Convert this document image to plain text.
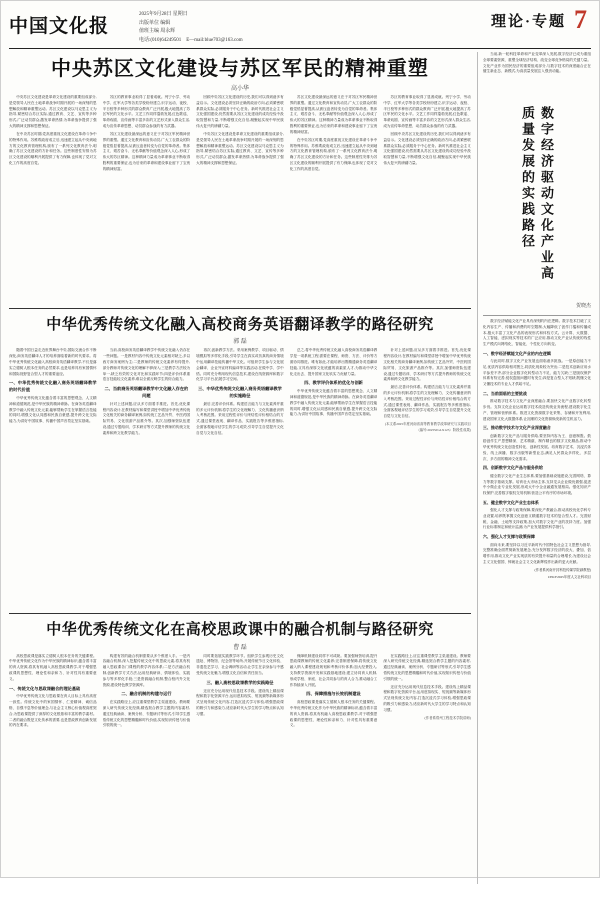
中国文化报
2025年9月28日 星期日
出版单位 编辑
值班主编 周永辉
电话:(010)64249501 E—mail:blue703@163.com
理论·专题 7
中央苏区文化建设与苏区军民的精神重塑
高小华

中央苏区文化建设是革命文化建设的重要组成部分,是党领导人民在土地革命战争时期开展的一场深刻的思想解放和精神重塑运动。苏区文化建设以马克思主义为指导,紧密结合苏区实际,通过教育、文艺、宣传等多种形式,广泛动员群众,激发革命热情,为革命战争提供了强大的精神支撑和思想保证。

在中央苏区时期,党高度重视文化建设在革命斗争中的特殊作用。苏维埃政府成立后,迅速建立起从中央到地方的文化教育管理机构,颁布了一系列文化教育法令,明确了苏区文化建设的方针和任务。这些制度性安排为苏区文化建设的顺利开展提供了有力保障,也体现了党对文化工作的高度自觉。

苏区的教育事业取得了显著成就。列宁小学、劳动中学、红军大学等各类学校纷纷建立,识字运动、夜校、半日校等多种形式的群众教育广泛开展,极大地提高了苏区军民的文化水平。文艺工作同样蓬勃发展,红色歌谣、革命戏剧、宣传画等丰富多彩的文艺形式深入群众生活,成为宣传革命思想、动员群众参战的有力武器。

苏区文化建设最深远的意义在于对苏区军民精神世界的重塑。通过文化教育和宣传动员,广大工农群众的阶级觉悟显著提高,从被压迫者转变为自觉的革命者。集体主义、艰苦奋斗、无私奉献等价值观念深入人心,形成了伟大的苏区精神。这种精神力量成为革命事业不断取得胜利的重要保证,也为后来的革命和建设事业留下了宝贵的精神财富。

回顾中央苏区文化建设的历史,我们可以得到诸多有益启示。文化建设必须坚持正确的政治方向,必须紧密联系群众实际,必须服务于中心任务。新时代推进社会主义文化强国建设,仍然需要从苏区文化建设的成功经验中汲取智慧和力量,不断增强文化自信,凝聚起实现中华民族伟大复兴的磅礴力量。

中央苏区文化建设是革命文化建设的重要组成部分,是党领导人民在土地革命战争时期开展的一场深刻的思想解放和精神重塑运动。苏区文化建设以马克思主义为指导,紧密结合苏区实际,通过教育、文艺、宣传等多种形式,广泛动员群众,激发革命热情,为革命战争提供了强大的精神支撑和思想保证。

苏区文化建设最深远的意义在于对苏区军民精神世界的重塑。通过文化教育和宣传动员,广大工农群众的阶级觉悟显著提高,从被压迫者转变为自觉的革命者。集体主义、艰苦奋斗、无私奉献等价值观念深入人心,形成了伟大的苏区精神。这种精神力量成为革命事业不断取得胜利的重要保证,也为后来的革命和建设事业留下了宝贵的精神财富。

在中央苏区时期,党高度重视文化建设在革命斗争中的特殊作用。苏维埃政府成立后,迅速建立起从中央到地方的文化教育管理机构,颁布了一系列文化教育法令,明确了苏区文化建设的方针和任务。这些制度性安排为苏区文化建设的顺利开展提供了有力保障,也体现了党对文化工作的高度自觉。

苏区的教育事业取得了显著成就。列宁小学、劳动中学、红军大学等各类学校纷纷建立,识字运动、夜校、半日校等多种形式的群众教育广泛开展,极大地提高了苏区军民的文化水平。文艺工作同样蓬勃发展,红色歌谣、革命戏剧、宣传画等丰富多彩的文艺形式深入群众生活,成为宣传革命思想、动员群众参战的有力武器。

回顾中央苏区文化建设的历史,我们可以得到诸多有益启示。文化建设必须坚持正确的政治方向,必须紧密联系群众实际,必须服务于中心任务。新时代推进社会主义文化强国建设,仍然需要从苏区文化建设的成功经验中汲取智慧和力量,不断增强文化自信,凝聚起实现中华民族伟大复兴的磅礴力量。

中华优秀传统文化融入高校商务英语翻译教学的路径研究
郭 磊

随着中国日益走近世界舞台中央,国际交流合作不断深化,商务英语翻译人才的培养面临着新的时代要求。将中华优秀传统文化融入高校商务英语翻译教学,不仅是落实立德树人根本任务的必然要求,也是培养具有家国情怀和国际视野复合型人才的重要途径。

一、中华优秀传统文化融入商务英语翻译教学的时代价值

中华优秀传统文化蕴含着丰富的思想观念、人文精神和道德规范,是中华民族的精神命脉。在商务英语翻译教学中融入传统文化元素,能够帮助学生在掌握语言技能的同时,增强文化认同感和民族自豪感,提升跨文化交际能力,为讲好中国故事、传播中国声音奠定坚实基础。

当前,高校商务英语翻译教学中传统文化融入仍存在一些问题。一是教材内容中传统文化元素相对缺乏,多以西方商务案例为主;二是教师的传统文化素养有待提升,部分教师对传统文化的理解不够深入;三是教学方法较为单一,缺乏有效的文化对比和实践环节;四是评价体系重语言技能轻文化素养,难以全面反映学生的综合能力。

二、当前商务英语翻译教学中文化融入存在的问题

针对上述问题,应从多方面着手推进。首先,优化课程内容设计,在教材编写和课堂讲授中增加中华优秀传统文化相关的商务翻译案例,如传统工艺品外贸、中医药国际贸易、文化旅游产品推介等。其次,加强师资队伍建设,通过专题培训、学术研讨等方式提升教师的传统文化素养和跨文化教学能力。

再次,创新教学方法。采用案例教学、项目驱动、情境模拟等多样化手段,引导学生在真实或仿真的商务情境中运用翻译技能传播中华文化。可组织学生参与文化展会翻译、企业外宣材料编译等实践活动,在做中学、学中悟。同时充分利用现代信息技术,建设在线资源库和数字化学习平台,拓展学习空间。

三、中华优秀传统文化融入商务英语翻译教学的实施路径

最后,完善评价体系。构建语言能力与文化素养并重的多元评价机制,将学生的文化理解力、文化传播意识纳入考核范围。采用过程性评价与终结性评价相结合的方式,通过课堂表现、翻译作品、实践报告等多维度指标,全面客观地评估学生的学习成效,引导学生自觉提升文化自觉与文化自信。

总之,将中华优秀传统文化融入高校商务英语翻译教学是一项系统工程,需要在课程、师资、方法、评价等方面协同推进。唯有如此,才能培养出既精通商务英语翻译技能,又具有深厚文化底蕴的高素质人才,为推动中华文化走出去、提升国家文化软实力贡献力量。

四、教学评价体系的优化与创新

中华优秀传统文化蕴含着丰富的思想观念、人文精神和道德规范,是中华民族的精神命脉。在商务英语翻译教学中融入传统文化元素,能够帮助学生在掌握语言技能的同时,增强文化认同感和民族自豪感,提升跨文化交际能力,为讲好中国故事、传播中国声音奠定坚实基础。

针对上述问题,应从多方面着手推进。首先,优化课程内容设计,在教材编写和课堂讲授中增加中华优秀传统文化相关的商务翻译案例,如传统工艺品外贸、中医药国际贸易、文化旅游产品推介等。其次,加强师资队伍建设,通过专题培训、学术研讨等方式提升教师的传统文化素养和跨文化教学能力。

最后,完善评价体系。构建语言能力与文化素养并重的多元评价机制,将学生的文化理解力、文化传播意识纳入考核范围。采用过程性评价与终结性评价相结合的方式,通过课堂表现、翻译作品、实践报告等多维度指标,全面客观地评估学生的学习成效,引导学生自觉提升文化自觉与文化自信。

(本文系2025年度河南省高等教育教学改革研究与实践项目〈编号:2025SJGLX123〉阶段性成果)

中华优秀传统文化在高校思政课中的融合机制与路径研究
曹 磊

高校思政课是落实立德树人根本任务的关键课程。中华优秀传统文化作为中华民族的精神标识,蕴含着丰富的育人资源,将其有机融入高校思政课教学,对于增强思政课的思想性、理论性和亲和力、针对性具有重要意义。

一、传统文化与思政课融合的理论基础

中华优秀传统文化与思政课在育人目标上具有高度一致性。传统文化中的家国情怀、仁爱精神、诚信品格、自强不息等价值理念,与社会主义核心价值观高度契合,为思政课提供了深厚的文化根基和丰富的教学素材。二者的融合既是文化传承的需要,也是思政教育创新发展的内在要求。

构建有效的融合机制需要从多个维度入手。一是内容融合机制,深入挖掘传统文化中的思政元素,将其有机融入思政课各门课程的教学内容体系;二是方法融合机制,创新教学方式方法,运用经典研读、情境体验、实践参与等多样化手段;三是资源融合机制,整合校内外文化资源,建设特色教学资源库。

二、融合机制的构建与运行

在实践路径上,应注重课堂教学主渠道建设。教师要深入研究传统文化经典,精选契合教学主题的内容素材,通过经典诵读、案例分析、专题研讨等形式,引导学生感悟传统文化的思想精髓和时代价值,实现知识传授与价值引领的统一。

同时要拓展实践教学环节。组织学生参观历史文化遗址、博物馆、纪念馆等场所,开展传统节日文化体验、非遗技艺学习、社会调研等活动,让学生在亲身参与中感受传统文化魅力,增强文化自信和责任担当。

三、融入高校思政课教学的实践路径

还应充分运用现代信息技术手段。建设线上精品课程和数字化资源平台,运用虚拟现实、短视频等新媒体形式呈现传统文化内容,打造沉浸式学习体验,增强思政课的吸引力和感染力,适应新时代大学生的学习特点和认知习惯。

保障机制建设同样不可或缺。要加强师资培训,提升思政课教师的传统文化素养;完善制度保障,将传统文化融入纳入课程建设规划和考核评价体系;加大经费投入,支持教学资源开发和实践基地建设;建立协同育人机制,形成学校、家庭、社会共同参与的育人合力,推动融合工作持续深入开展。

四、保障措施与长效机制建设

高校思政课是落实立德树人根本任务的关键课程。中华优秀传统文化作为中华民族的精神标识,蕴含着丰富的育人资源,将其有机融入高校思政课教学,对于增强思政课的思想性、理论性和亲和力、针对性具有重要意义。

在实践路径上,应注重课堂教学主渠道建设。教师要深入研究传统文化经典,精选契合教学主题的内容素材,通过经典诵读、案例分析、专题研讨等形式,引导学生感悟传统文化的思想精髓和时代价值,实现知识传授与价值引领的统一。

还应充分运用现代信息技术手段。建设线上精品课程和数字化资源平台,运用虚拟现实、短视频等新媒体形式呈现传统文化内容,打造沉浸式学习体验,增强思政课的吸引力和感染力,适应新时代大学生的学习特点和认知习惯。

(作者系郑州工程技术学院讲师)

当前,新一轮科技革命和产业变革深入发展,数字经济已成为重组全球要素资源、重塑全球经济结构、改变全球竞争格局的关键力量。文化产业作为国民经济的重要组成部分,与数字技术的深度融合正在催生新业态、新模式,为高质量发展注入强劲动能。

数字经济驱动文化产业高质量发展的实践路径
贺晓杰

数字经济赋能文化产业具有深刻的内在逻辑。数字技术打破了文化内容生产、传播和消费的时空限制,大幅降低了创作门槛和传播成本,极大丰富了文化产品的表现形式和体验方式。云计算、大数据、人工智能、虚拟现实等技术的广泛应用,推动文化产业从传统的线性生产模式向网络化、智能化、个性化方向转变。

一、数字经济赋能文化产业的内在逻辑

与此同时,数字文化产业发展也面临诸多挑战。一是原创能力不足,优质内容供给相对匮乏,同质化现象较为突出;二是技术创新应用水平参差不齐,部分企业数字化转型动力不足、能力欠缺;三是版权保护体系有待完善,侵权盗版问题时有发生;四是复合型人才短缺,既懂文化又懂技术的专业人才供给不足。

二、当前面临的主要挑战

推动数字技术与文化产业深度融合,要加快文化产业数字化转型步伐。支持文化企业运用数字技术改造传统业务流程,建设数字化生产、管理和营销体系。推进文化资源数字化采集、存储和开发利用,建设国家文化大数据体系,让沉睡的文化资源焕发新的生机活力。

三、推动数字技术与文化产业深度融合

创新数字文化产品与服务供给,要坚持内容为王、创意制胜。鼓励创作生产思想精深、艺术精湛、制作精良的数字文化精品,推动中华优秀传统文化创造性转化、创新性发展。培育数字艺术、沉浸式体验、线上演播、数字出版等新型业态,满足人民群众多样化、多层次、多方面的精神文化需求。

四、创新数字文化产品与服务供给

健全数字文化产业生态体系,要加强基础设施建设,完善网络、算力等数字基础支撑。培育壮大市场主体,支持龙头企业做优做强,促进中小微企业专业化发展,形成大中小企业融通发展格局。强化知识产权保护,完善数字版权交易机制,营造公平有序的市场环境。

五、健全数字文化产业生态体系

强化人才支撑与政策保障,要深化产教融合,推动高校优化学科专业设置,培养既掌握文化创意又精通数字技术的复合型人才。完善财税、金融、土地等支持政策,加大对数字文化产业的扶持力度。加强行业标准制定和统计监测,为产业发展提供科学指引。

六、强化人才支撑与政策保障

面向未来,要坚持以习近平新时代中国特色社会主义思想为指导,完整准确全面贯彻新发展理念,充分发挥数字经济的放大、叠加、倍增作用,推动文化产业实现质的有效提升和量的合理增长,为建设社会主义文化强国、铸就社会主义文化新辉煌作出新的更大贡献。

(作者系河南开封科技传媒学院副教授)

CEKY2025年度人文社科项目
